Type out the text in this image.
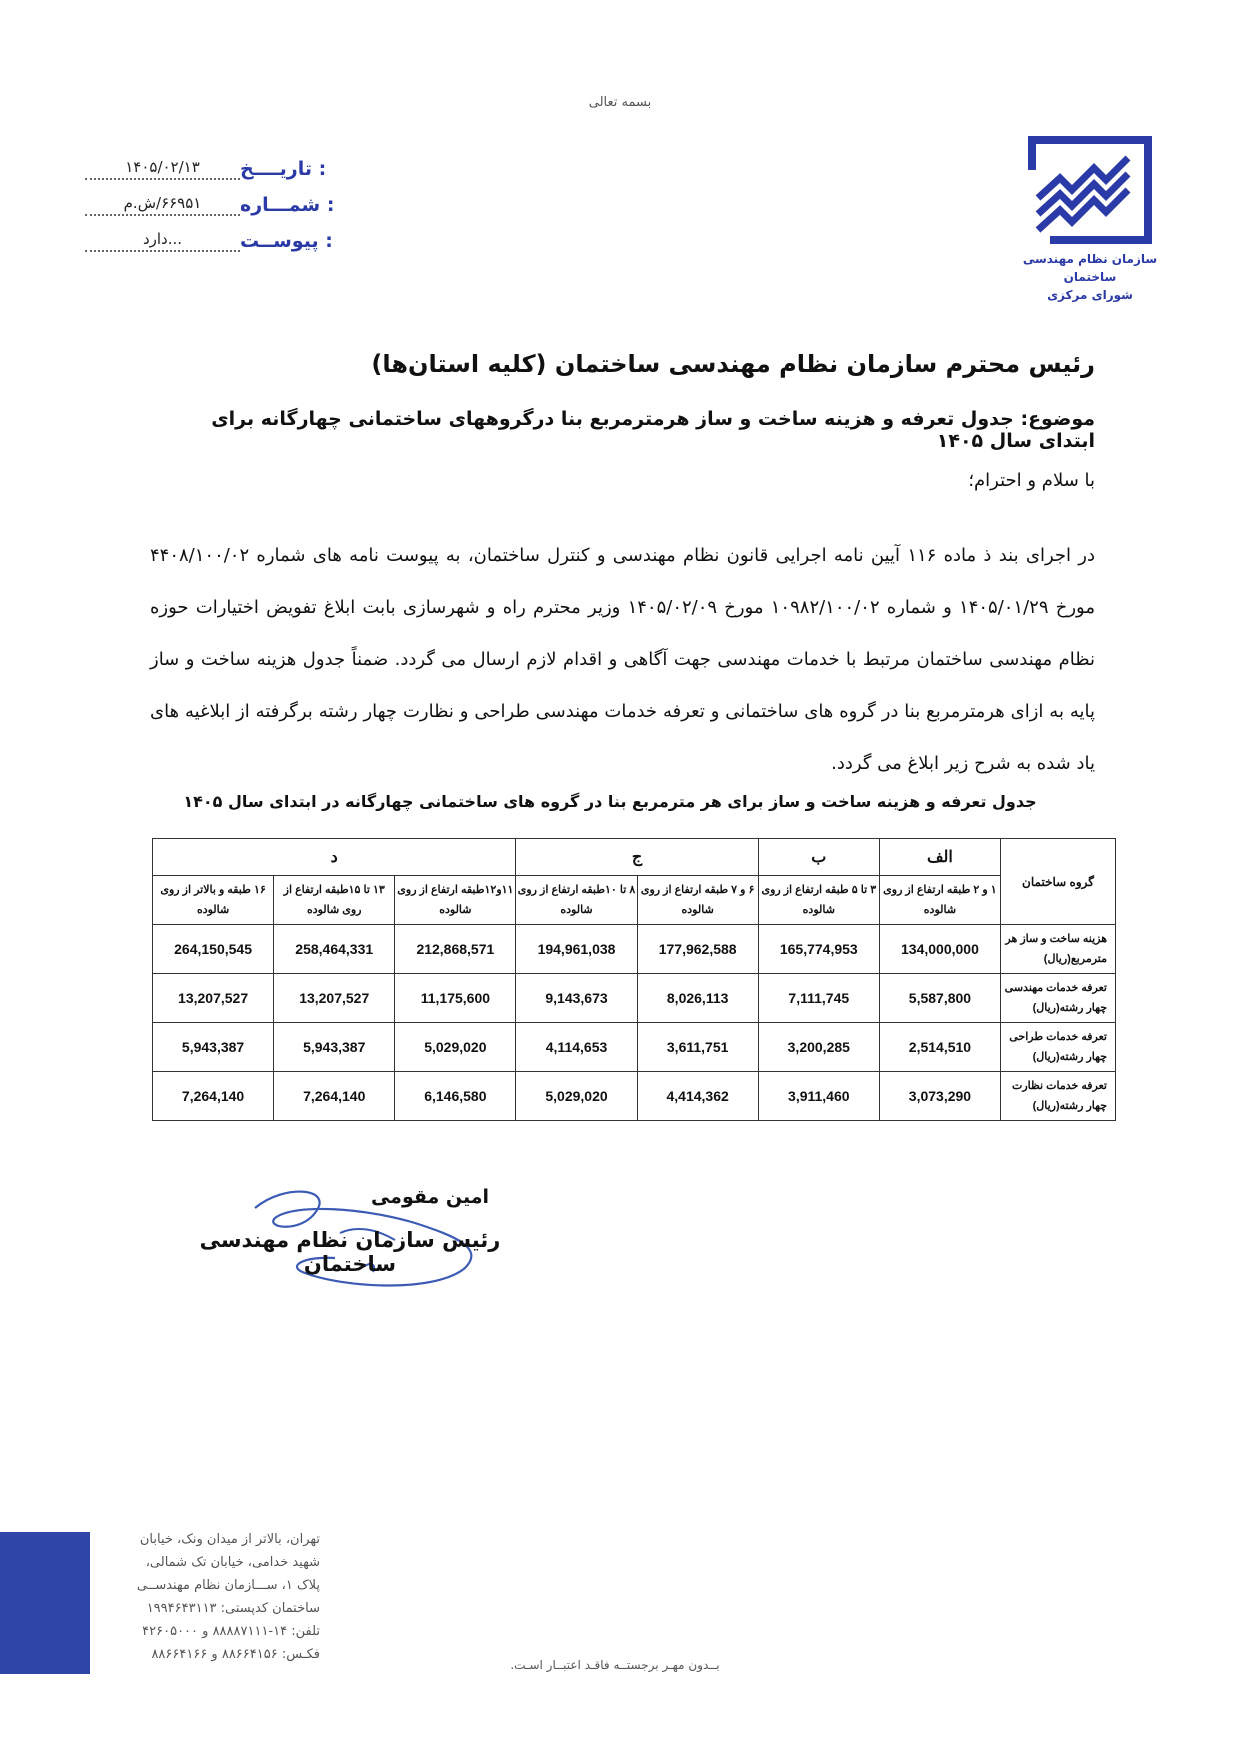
بسمه تعالی
تاریــــخ :
۱۴۰۵/۰۲/۱۳
شمـــاره :
۶۶۹۵۱/ش.م
پیوســت :
...دارد
سازمان نظام مهندسی ساختمان
شورای مرکزی
رئیس محترم سازمان نظام مهندسی ساختمان (کلیه استان‌ها)
موضوع: جدول تعرفه و هزینه ساخت و ساز هرمترمربع بنا درگروههای ساختمانی چهارگانه برای ابتدای سال ۱۴۰۵
با سلام و احترام؛
در اجرای بند ذ ماده ۱۱۶ آیین نامه اجرایی قانون نظام مهندسی و کنترل ساختمان، به پیوست نامه های شماره ۴۴۰۸/۱۰۰/۰۲ مورخ ۱۴۰۵/۰۱/۲۹ و شماره ۱۰۹۸۲/۱۰۰/۰۲ مورخ ۱۴۰۵/۰۲/۰۹ وزیر محترم راه و شهرسازی بابت ابلاغ تفویض اختیارات حوزه نظام مهندسی ساختمان مرتبط با خدمات مهندسی جهت آگاهی و اقدام لازم ارسال می گردد. ضمناً جدول هزینه ساخت و ساز پایه به ازای هرمترمربع بنا در گروه های ساختمانی و تعرفه خدمات مهندسی طراحی و نظارت چهار رشته برگرفته از ابلاغیه های یاد شده به شرح زیر ابلاغ می گردد.
جدول تعرفه و هزینه ساخت و ساز برای هر مترمربع بنا در گروه های ساختمانی چهارگانه در ابتدای سال ۱۴۰۵
گروه ساختمان	الف	ب	ج		د		
	۱ و ۲ طبقه ارتفاع از روی شالوده	۳ تا ۵ طبقه ارتفاع از روی شالوده	۶ و ۷ طبقه ارتفاع از روی شالوده	۸ تا ۱۰طبقه ارتفاع از روی شالوده	۱۱و۱۲طبقه ارتفاع از روی شالوده	۱۳ تا ۱۵طبقه ارتفاع از روی شالوده	۱۶ طبقه و بالاتر از روی شالوده
هزینه ساخت و ساز هر مترمربع(ریال)	134,000,000	165,774,953	177,962,588	194,961,038	212,868,571	258,464,331	264,150,545
تعرفه خدمات مهندسی چهار رشته(ریال)	5,587,800	7,111,745	8,026,113	9,143,673	11,175,600	13,207,527	13,207,527
تعرفه خدمات طراحی چهار رشته(ریال)	2,514,510	3,200,285	3,611,751	4,114,653	5,029,020	5,943,387	5,943,387
تعرفه خدمات نظارت چهار رشته(ریال)	3,073,290	3,911,460	4,414,362	5,029,020	6,146,580	7,264,140	7,264,140
امین مقومی
رئیس سازمان نظام مهندسی ساختمان
تهران، بالاتر از میدان ونک، خیابان
شهید خدامی، خیابان تک شمالی،
پلاک ۱، ســـازمان نظام مهندســی
ساختمان کدپستی: ۱۹۹۴۶۴۳۱۱۳
تلفن: ۱۴-۸۸۸۸۷۱۱۱ و ۴۲۶۰۵۰۰۰
فکـس: ۸۸۶۶۴۱۵۶ و ۸۸۶۶۴۱۶۶
بــدون مهـر برجستــه فاقـد اعتبــار اسـت.
